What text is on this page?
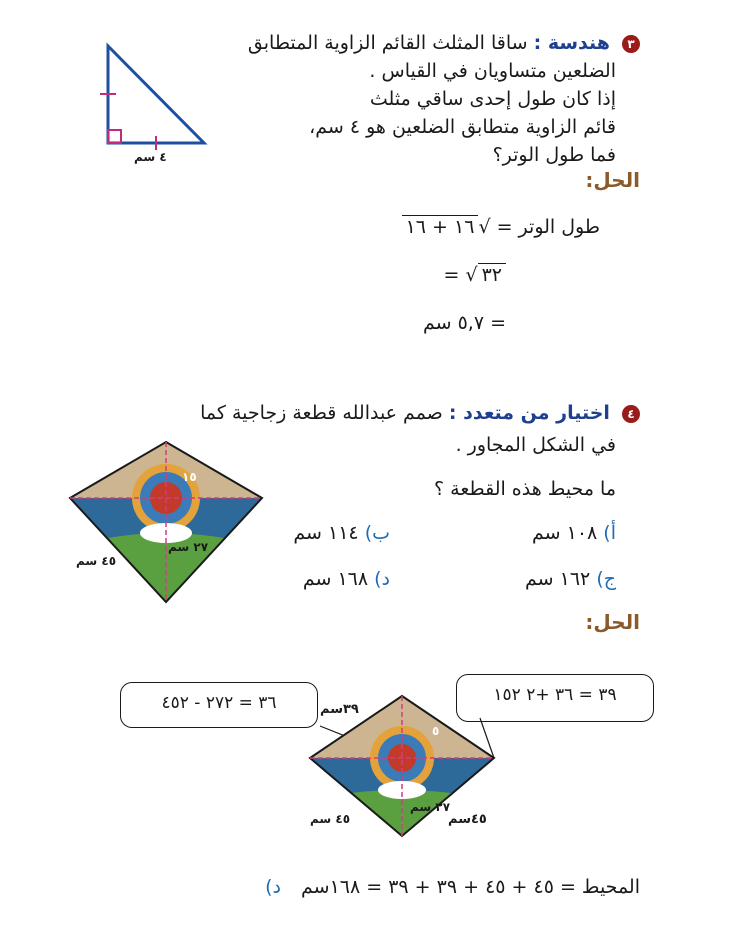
٣ هندسة : ساقا المثلث القائم الزاوية المتطابق
الضلعين متساويان في القياس .
إذا كان طول إحدى ساقي مثلث
قائم الزاوية متطابق الضلعين هو ٤ سم،
فما طول الوتر؟
٤ سم
الحل:
طول الوتر = √١٦ + ١٦
= √ ٣٢
= ٥,٧ سم
٤ اختيار من متعدد : صمم عبدالله قطعة زجاجية كما
في الشكل المجاور .
ما محيط هذه القطعة ؟
أ) ١٠٨ سم
ب) ١١٤ سم
ج) ١٦٢ سم
د) ١٦٨ سم
١٥
٢٧ سم
٤٥ سم
الحل:
٣٦ = ٢٧٢ - ٤٥٢	٣٩ = ٣٦ +٢ ١٥٢
٣٩سم
٥
٢٧ سم
٤٥سم
٤٥ سم
المحيط = ٤٥ + ٤٥ + ٣٩ + ٣٩ = ١٦٨سم د)
